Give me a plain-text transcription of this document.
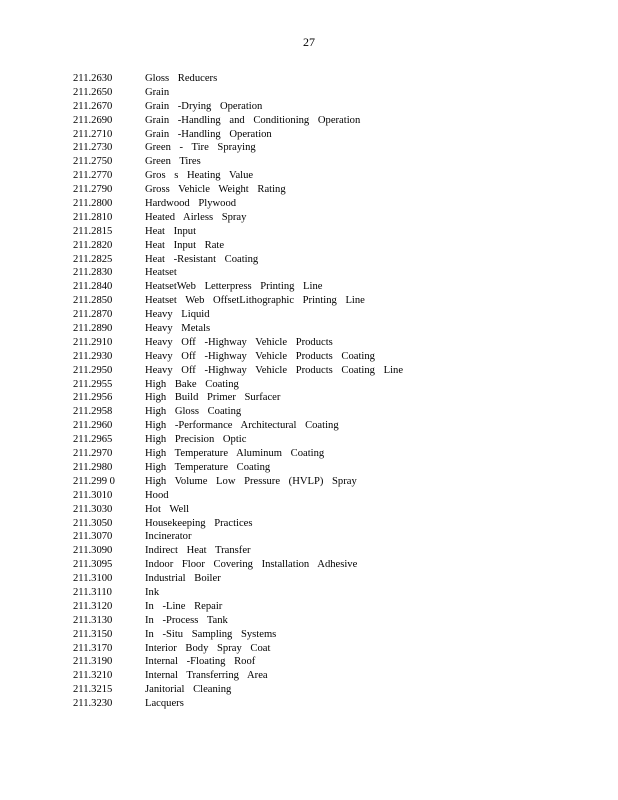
27
211.2630	Gloss Reducers
211.2650	Grain
211.2670	Grain -Drying Operation
211.2690	Grain -Handling and Conditioning Operation
211.2710	Grain -Handling Operation
211.2730	Green - Tire Spraying
211.2750	Green Tires
211.2770	Gros s Heating Value
211.2790	Gross Vehicle Weight Rating
211.2800	Hardwood Plywood
211.2810	Heated Airless Spray
211.2815	Heat Input
211.2820	Heat Input Rate
211.2825	Heat -Resistant Coating
211.2830	Heatset
211.2840	HeatsetWeb Letterpress Printing Line
211.2850	Heatset Web OffsetLithographic Printing Line
211.2870	Heavy Liquid
211.2890	Heavy Metals
211.2910	Heavy Off -Highway Vehicle Products
211.2930	Heavy Off -Highway Vehicle Products Coating
211.2950	Heavy Off -Highway Vehicle Products Coating Line
211.2955	High Bake Coating
211.2956	High Build Primer Surfacer
211.2958	High Gloss Coating
211.2960	High -Performance Architectural Coating
211.2965	High Precision Optic
211.2970	High Temperature Aluminum Coating
211.2980	High Temperature Coating
211.299 0	High Volume Low Pressure (HVLP) Spray
211.3010	Hood
211.3030	Hot Well
211.3050	Housekeeping Practices
211.3070	Incinerator
211.3090	Indirect Heat Transfer
211.3095	Indoor Floor Covering Installation Adhesive
211.3100	Industrial Boiler
211.3110	Ink
211.3120	In -Line Repair
211.3130	In -Process Tank
211.3150	In -Situ Sampling Systems
211.3170	Interior Body Spray Coat
211.3190	Internal -Floating Roof
211.3210	Internal Transferring Area
211.3215	Janitorial Cleaning
211.3230	Lacquers
